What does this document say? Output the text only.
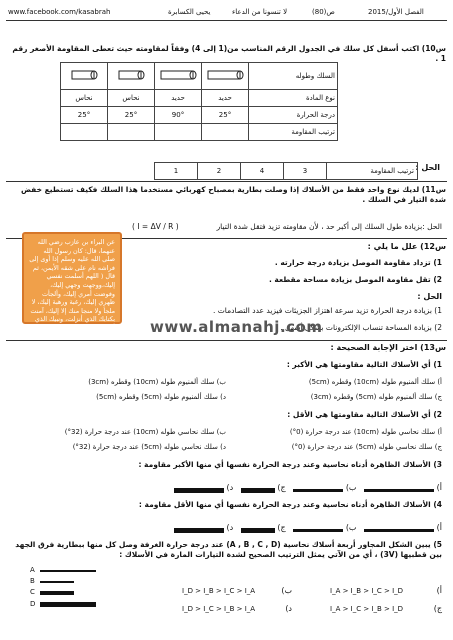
www.facebook.com/kasabrah	يحيى الكسابرة	لا تنسونا من الدعاء	ص(80)	الفصل الأول/2015
س10) اكتب أسفل كل سلك في الجدول الرقم المناسب من(1 إلى 4) وفقاً لمقاومته حيث تعطى المقاومة الأصغر رقم 1 .
				السلك وطوله
نحاس	نحاس	حديد	حديد	نوع المادة
25°	25°	90°	25°	درجة الحرارة
				ترتيب المقاومة
الحل :
1	2	4	3	ترتيب المقاومة
س11) لديك نوع واحد فقط من الأسلاك إذا وصلت بطارية بمصباح كهربائي مستخدما هذا السلك فكيف تستطيع خفض شدة التيار في السلك .
الحل :بزيادة طول السلك إلى أكبر حد ، لأن مقاومته تزيد فتقل شدة التيار
( I = ΔV / R )
س12) علل ما يلي :
1) تزداد مقاومة الموصل بزيادة درجة حرارته .
2) تقل مقاومة الموصل بزيادة مساحة مقطعة .
الحل :
1) بزيادة درجة الحرارة تزيد سرعة اهتزاز الجزيئات فيزيد عدد التصادمات .
2) بزيادة المساحة تنساب الإلكترونات بشكل أسهل .
عن البراء بن عازب رضي الله عنهما، قال: كان رسول الله صلى الله عليه وسلم إذا أوى إلى فراشه نام على شقه الأيمن، ثم قال ( اللهم أسلمت نفسي إليك،ووجهت وجهي إليك، وفوضت أمري إليك، وألجأت ظهري إليك، رغبة ورهبة إليك، لا ملجأ ولا منجا منك إلا إليك، آمنت بكتابك الذي أنزلت، ونبيك الذي أرسلت)) . رواه البخاري	www.almanahj.com
س13) اختر الإجابة الصحيحة :
1) أي الأسلاك التالية مقاومتها هي الأكبر :
أ) سلك ألمنيوم طوله (10cm) وقطره (5cm)
ب) سلك ألمنيوم طوله (10cm) وقطره (3cm)
ج) سلك ألمنيوم طوله (5cm) وقطره (3cm)
د) سلك ألمنيوم طوله (5cm) وقطره (5cm)
2) أي الأسلاك التالية مقاومتها هي الأقل :
أ) سلك نحاسي طوله (10cm) عند درجة حرارة (0°)
ب) سلك نحاسي طوله (10cm) عند درجة حرارة (32°)
ج) سلك نحاسي طوله (5cm) عند درجة حرارة (0°)
د) سلك نحاسي طوله (5cm) عند درجة حرارة (32°)
3) الأسلاك الظاهرة أدناه نحاسية وعند درجة الحرارة نفسها أي منها الأكبر مقاومة :
أ)    ب)    ج)    د)
4) الأسلاك الظاهرة أدناه نحاسية وعند درجة الحرارة نفسها أي منها الأقل مقاومة :
أ)    ب)    ج)    د)
5) يبين الشكل المجاور أربعة أسلاك نحاسية (A , B , C , D) عند درجة حرارة الغرفة وصل كل منها ببطارية فرق الجهد بين قطبيها (3V) ، أي من الآتي يمثل الترتيب الصحيح لشدة التيارات المارة في الأسلاك :
A
B
C
D
أ)
I_A > I_B > I_C > I_D
ب)
I_D > I_B > I_C > I_A
ج)
I_A > I_C > I_B > I_D
د)
I_D > I_C > I_B > I_A
